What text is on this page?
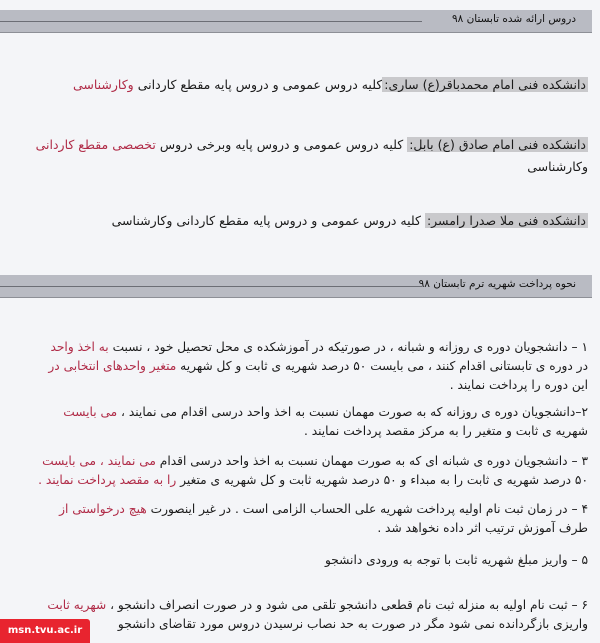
دروس ارائه شده تابستان ۹۸
دانشکده فنی امام محمدباقر(ع) ساری:کلیه دروس عمومی و دروس پایه مقطع کاردانی وکارشناسی
دانشکده فنی امام صادق (ع) بابل: کلیه دروس عمومی و دروس پایه وبرخی دروس تخصصی مقطع کاردانی
وکارشناسی
دانشکده فنی ملا صدرا رامسر: کلیه دروس عمومی و دروس پایه مقطع کاردانی وکارشناسی
نحوه پرداخت شهریه ترم تابستان ۹۸
۱ – دانشجویان دوره ی روزانه و شبانه ، در صورتیکه در آموزشکده ی محل تحصیل خود ، نسبت به اخذ واحد
در دوره ی تابستانی اقدام کنند ، می بایست ۵۰ درصد شهریه ی ثابت و کل شهریه متغیر واحدهای انتخابی در
این دوره را پرداخت نمایند .
۲–دانشجویان دوره ی روزانه که به صورت مهمان نسبت به اخذ واحد درسی اقدام می نمایند ، می بایست
شهریه ی ثابت و متغیر را به مرکز مقصد پرداخت نمایند .
۳ – دانشجویان دوره ی شبانه ای که به صورت مهمان نسبت به اخذ واحد درسی اقدام می نمایند ، می بایست
۵۰ درصد شهریه ی ثابت را به مبداء و ۵۰ درصد شهریه ثابت و کل شهریه ی متغیر را به مقصد پرداخت نمایند .
۴ – در زمان ثبت نام اولیه پرداخت شهریه علی الحساب الزامی است . در غیر اینصورت هیچ درخواستی از
طرف آموزش ترتیب اثر داده نخواهد شد .
۵ – واریز مبلغ شهریه ثابت با توجه به ورودی دانشجو
۶ – ثبت نام اولیه به منزله ثبت نام قطعی دانشجو تلقی می شود و در صورت انصراف دانشجو ، شهریه ثابت
واریزی بازگردانده نمی شود مگر در صورت به حد نصاب نرسیدن دروس مورد تقاضای دانشجو
msn.tvu.ac.ir
